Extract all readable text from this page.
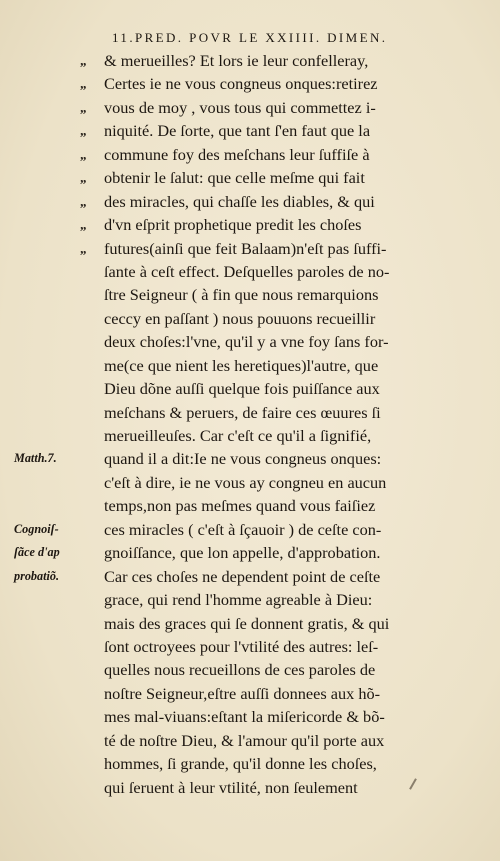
11.PRED. POVR LE XXIIII. DIMEN.
„	& merueilles? Et lors ie leur confelleray,
„	Certes ie ne vous congneus onques:retirez
„	vous de moy , vous tous qui commettez i-
„	niquité. De ſorte, que tant ſ'en faut que la
„	commune foy des meſchans leur ſuffiſe à
„	obtenir le ſalut: que celle meſme qui fait
„	des miracles, qui chaſſe les diables, & qui
„	d'vn eſprit prophetique predit les choſes
„	futures(ainſi que feit Balaam)n'eſt pas ſuffi-
ſante à ceſt effect. Deſquelles paroles de no-
ſtre Seigneur ( à fin que nous remarquions
ceccy en paſſant ) nous pouuons recueillir
deux choſes:l'vne, qu'il y a vne foy ſans for-
me(ce que nient les heretiques)l'autre, que
Dieu dõne auſſi quelque fois puiſſance aux
meſchans & peruers, de faire ces œuures ſi
merueilleuſes. Car c'eſt ce qu'il a ſignifié,
Matth.7.	quand il a dit:Ie ne vous congneus onques:
c'eſt à dire, ie ne vous ay congneu en aucun
temps,non pas meſmes quand vous faiſiez
Cognoiſ-	ces miracles ( c'eſt à ſçauoir ) de ceſte con-
ſãce d'ap	gnoiſſance, que lon appelle, d'approbation.
probatiõ.	Car ces choſes ne dependent point de ceſte
grace, qui rend l'homme agreable à Dieu:
mais des graces qui ſe donnent gratis, & qui
ſont octroyees pour l'vtilité des autres: leſ-
quelles nous recueillons de ces paroles de
noſtre Seigneur,eſtre auſſi donnees aux hõ-
mes mal-viuans:eſtant la miſericorde & bõ-
té de noſtre Dieu, & l'amour qu'il porte aux
hommes, ſi grande, qu'il donne les choſes,
qui ſeruent à leur vtilité, non ſeulement
